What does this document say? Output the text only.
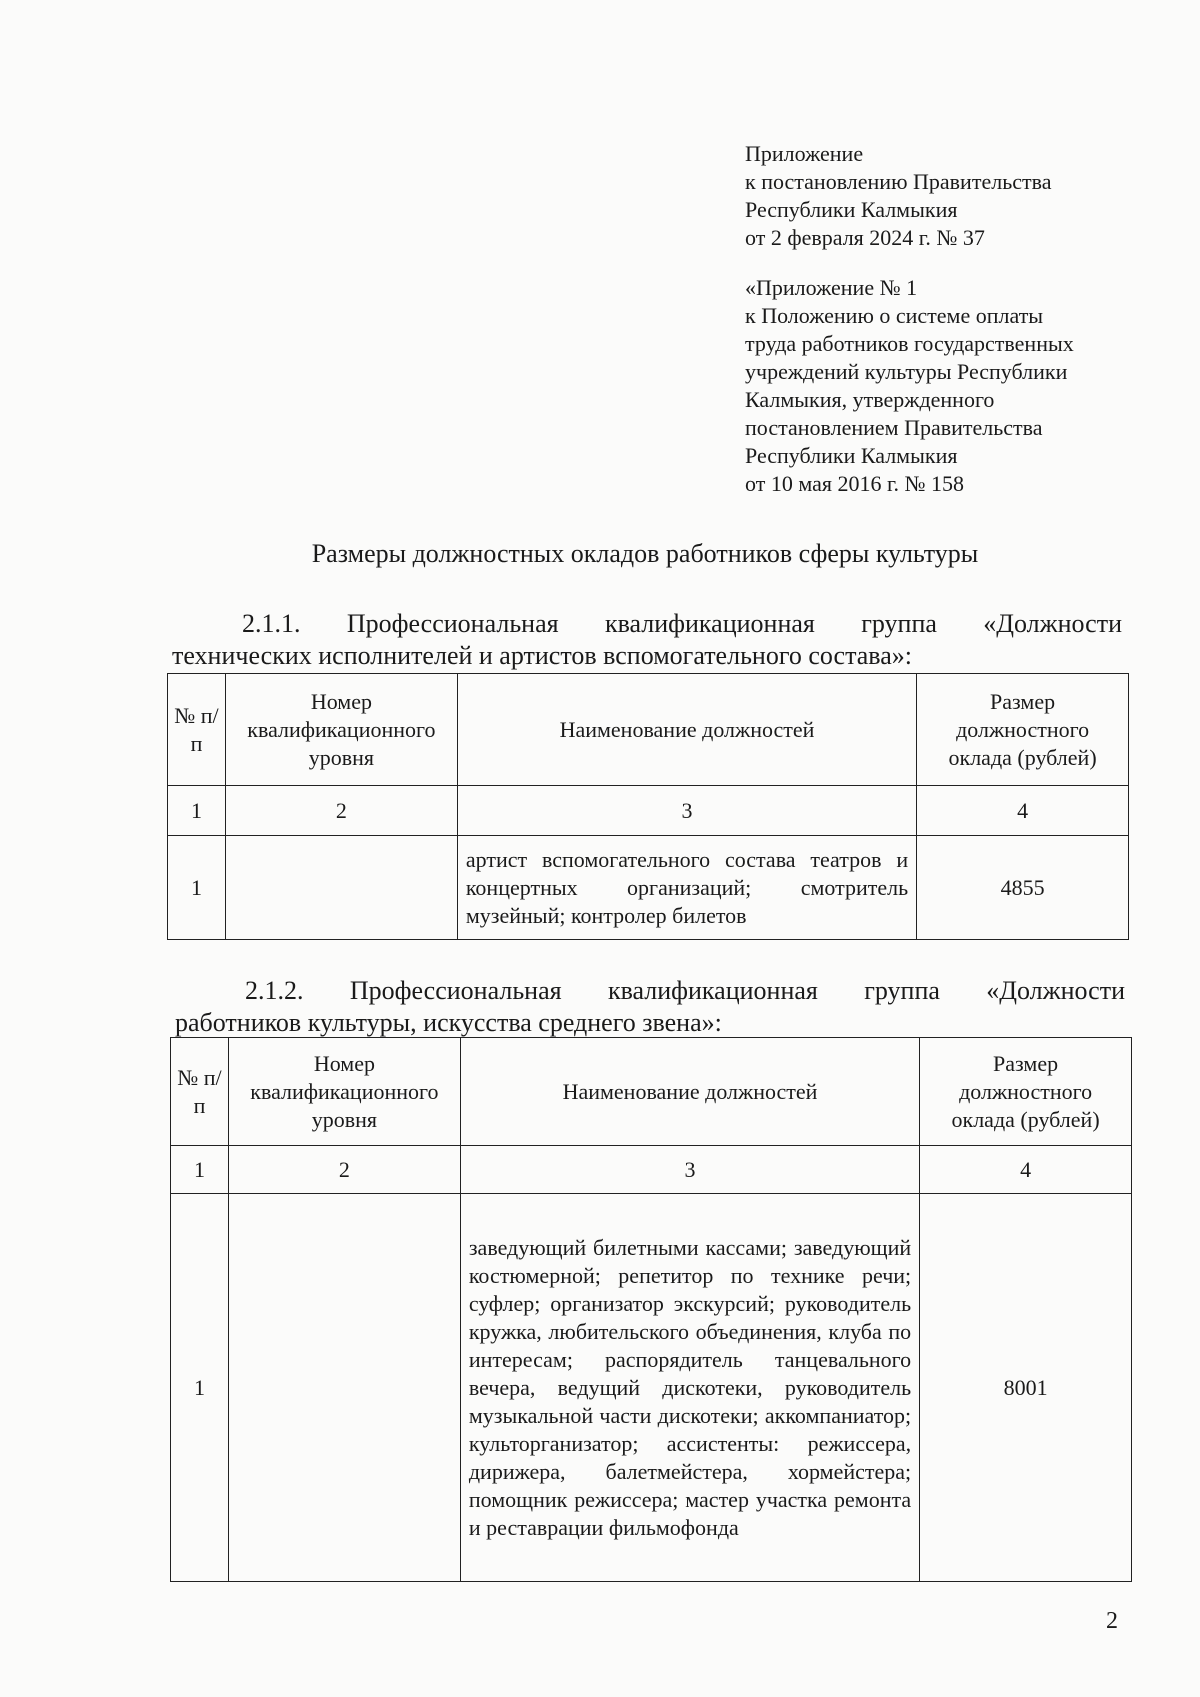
Приложение
к постановлению Правительства
Республики Калмыкия
от 2 февраля 2024 г. № 37
«Приложение № 1
к Положению о системе оплаты
труда работников государственных
учреждений культуры Республики
Калмыкия, утвержденного
постановлением Правительства
Республики Калмыкия
от 10 мая 2016 г. № 158
Размеры должностных окладов работников сферы культуры
2.1.1. Профессиональная квалификационная группа «Должности
технических исполнителей и артистов вспомогательного состава»:
№ п/п	Номер квалификационного уровня	Наименование должностей	Размер должностного оклада (рублей)
1	2	3	4
1		артист вспомогательного состава театров и концертных организаций; смотритель музейный; контролер билетов	4855
2.1.2. Профессиональная квалификационная группа «Должности
работников культуры, искусства среднего звена»:
№ п/п	Номер квалификационного уровня	Наименование должностей	Размер должностного оклада (рублей)
1	2	3	4
1		заведующий билетными кассами; заведующий костюмерной; репетитор по технике речи; суфлер; организатор экскурсий; руководитель кружка, любительского объединения, клуба по интересам; распорядитель танцевального вечера, ведущий дискотеки, руководитель музыкальной части дискотеки; аккомпаниатор; культорганизатор; ассистенты: режиссера, дирижера, балетмейстера, хормейстера; помощник режиссера; мастер участка ремонта и реставрации фильмофонда	8001
2
